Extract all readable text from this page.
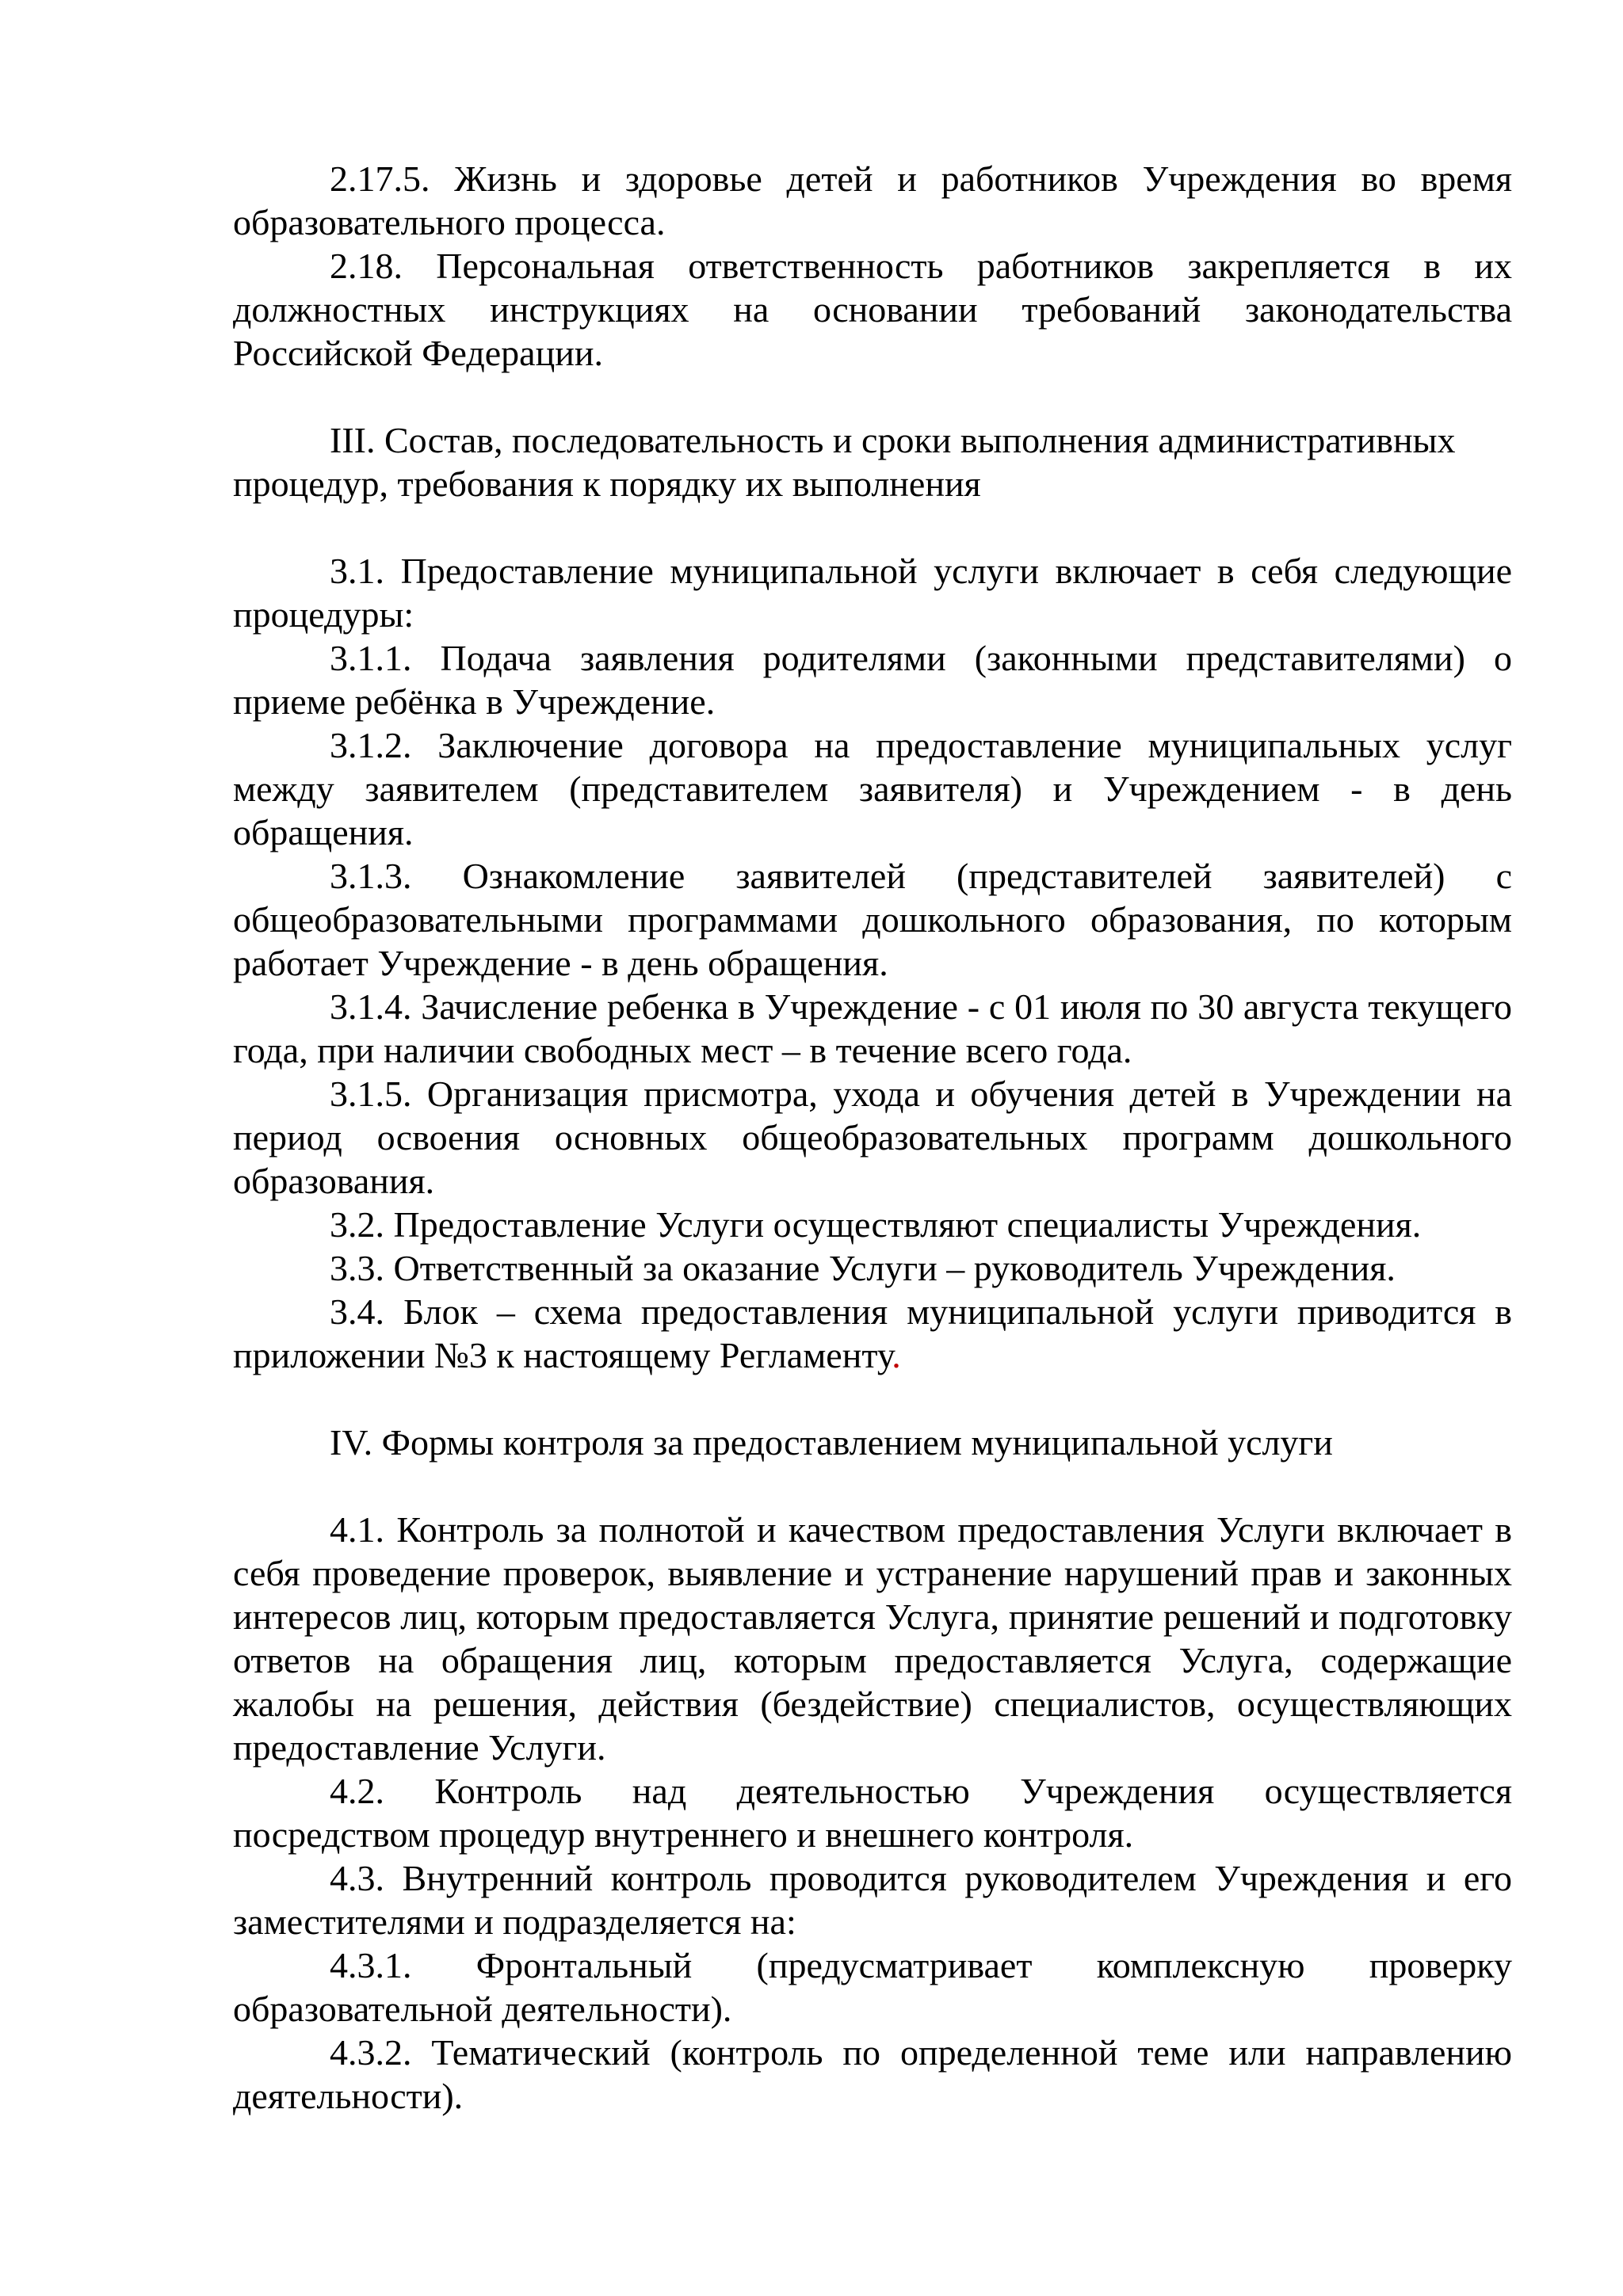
2.17.5. Жизнь и здоровье детей и работников Учреждения во время образовательного процесса.

2.18. Персональная ответственность работников закрепляется в их должностных инструкциях на основании требований законодательства Российской Федерации.

III. Состав, последовательность и сроки выполнения административных процедур, требования к порядку их выполнения

3.1. Предоставление муниципальной услуги включает в себя следующие процедуры:

3.1.1. Подача заявления родителями (законными представителями) о приеме ребёнка в Учреждение.

3.1.2. Заключение договора на предоставление муниципальных услуг между заявителем (представителем заявителя) и Учреждением - в день обращения.

3.1.3. Ознакомление заявителей (представителей заявителей) с общеобразовательными программами дошкольного образования, по которым работает Учреждение - в день обращения.

3.1.4. Зачисление ребенка в Учреждение - с 01 июля по 30 августа текущего года, при наличии свободных мест – в течение всего года.

3.1.5. Организация присмотра, ухода и обучения детей в Учреждении на период освоения основных общеобразовательных программ дошкольного образования.

3.2. Предоставление Услуги осуществляют специалисты Учреждения.

3.3. Ответственный за оказание Услуги – руководитель Учреждения.

3.4. Блок – схема предоставления муниципальной услуги приводится в приложении №3 к настоящему Регламенту.

IV. Формы контроля за предоставлением муниципальной услуги

4.1. Контроль за полнотой и качеством предоставления Услуги включает в себя проведение проверок, выявление и устранение нарушений прав и законных интересов лиц, которым предоставляется Услуга, принятие решений и подготовку ответов на обращения лиц, которым предоставляется Услуга, содержащие жалобы на решения, действия (бездействие) специалистов, осуществляющих предоставление Услуги.

4.2. Контроль над деятельностью Учреждения осуществляется посредством процедур внутреннего и внешнего контроля.

4.3. Внутренний контроль проводится руководителем Учреждения и его заместителями и подразделяется на:

4.3.1. Фронтальный (предусматривает комплексную проверку образовательной деятельности).

4.3.2. Тематический (контроль по определенной теме или направлению деятельности).
